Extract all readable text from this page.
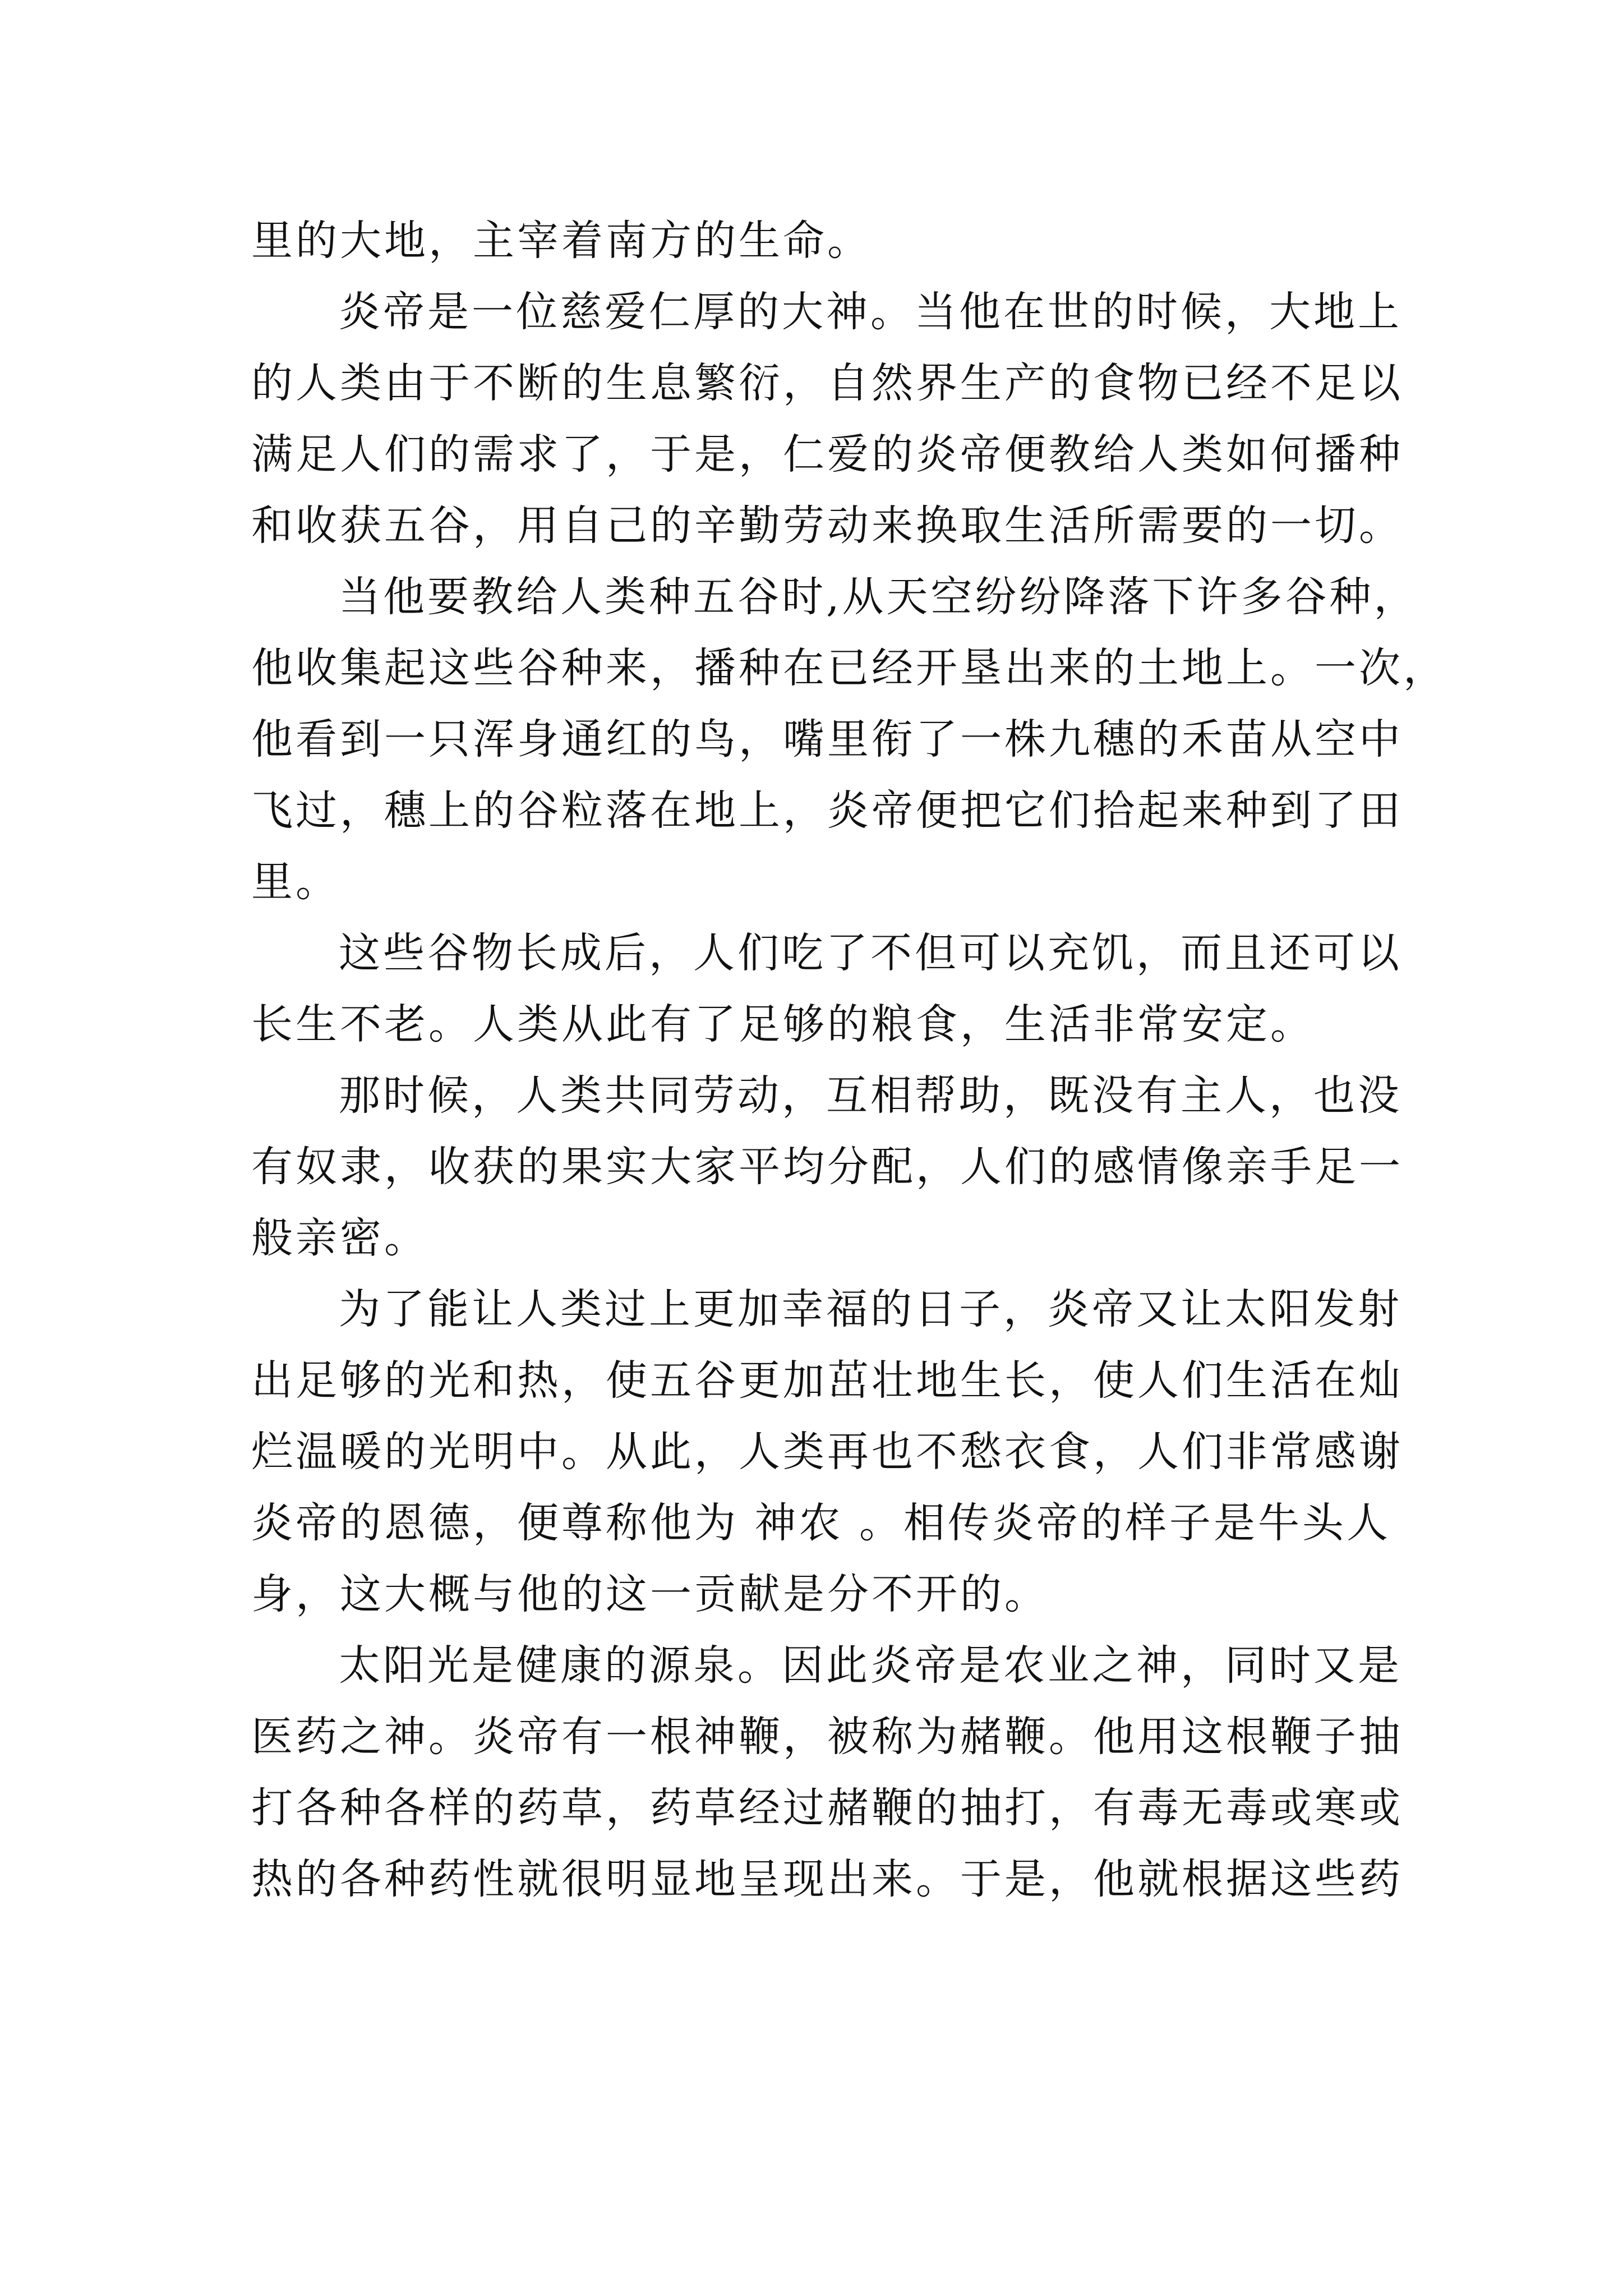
里的大地，主宰着南方的生命。
炎帝是一位慈爱仁厚的大神。当他在世的时候，大地上
的人类由于不断的生息繁衍，自然界生产的食物已经不足以
满足人们的需求了，于是，仁爱的炎帝便教给人类如何播种
和收获五谷，用自己的辛勤劳动来换取生活所需要的一切。
当他要教给人类种五谷时,从天空纷纷降落下许多谷种，
他收集起这些谷种来，播种在已经开垦出来的土地上。一次，
他看到一只浑身通红的鸟，嘴里衔了一株九穗的禾苗从空中
飞过，穗上的谷粒落在地上，炎帝便把它们拾起来种到了田
里。
这些谷物长成后，人们吃了不但可以充饥，而且还可以
长生不老。人类从此有了足够的粮食，生活非常安定。
那时候，人类共同劳动，互相帮助，既没有主人，也没
有奴隶，收获的果实大家平均分配，人们的感情像亲手足一
般亲密。
为了能让人类过上更加幸福的日子，炎帝又让太阳发射
出足够的光和热，使五谷更加茁壮地生长，使人们生活在灿
烂温暖的光明中。从此，人类再也不愁衣食，人们非常感谢
炎帝的恩德，便尊称他为 神农 。相传炎帝的样子是牛头人
身，这大概与他的这一贡献是分不开的。
太阳光是健康的源泉。因此炎帝是农业之神，同时又是
医药之神。炎帝有一根神鞭，被称为赭鞭。他用这根鞭子抽
打各种各样的药草，药草经过赭鞭的抽打，有毒无毒或寒或
热的各种药性就很明显地呈现出来。于是，他就根据这些药
